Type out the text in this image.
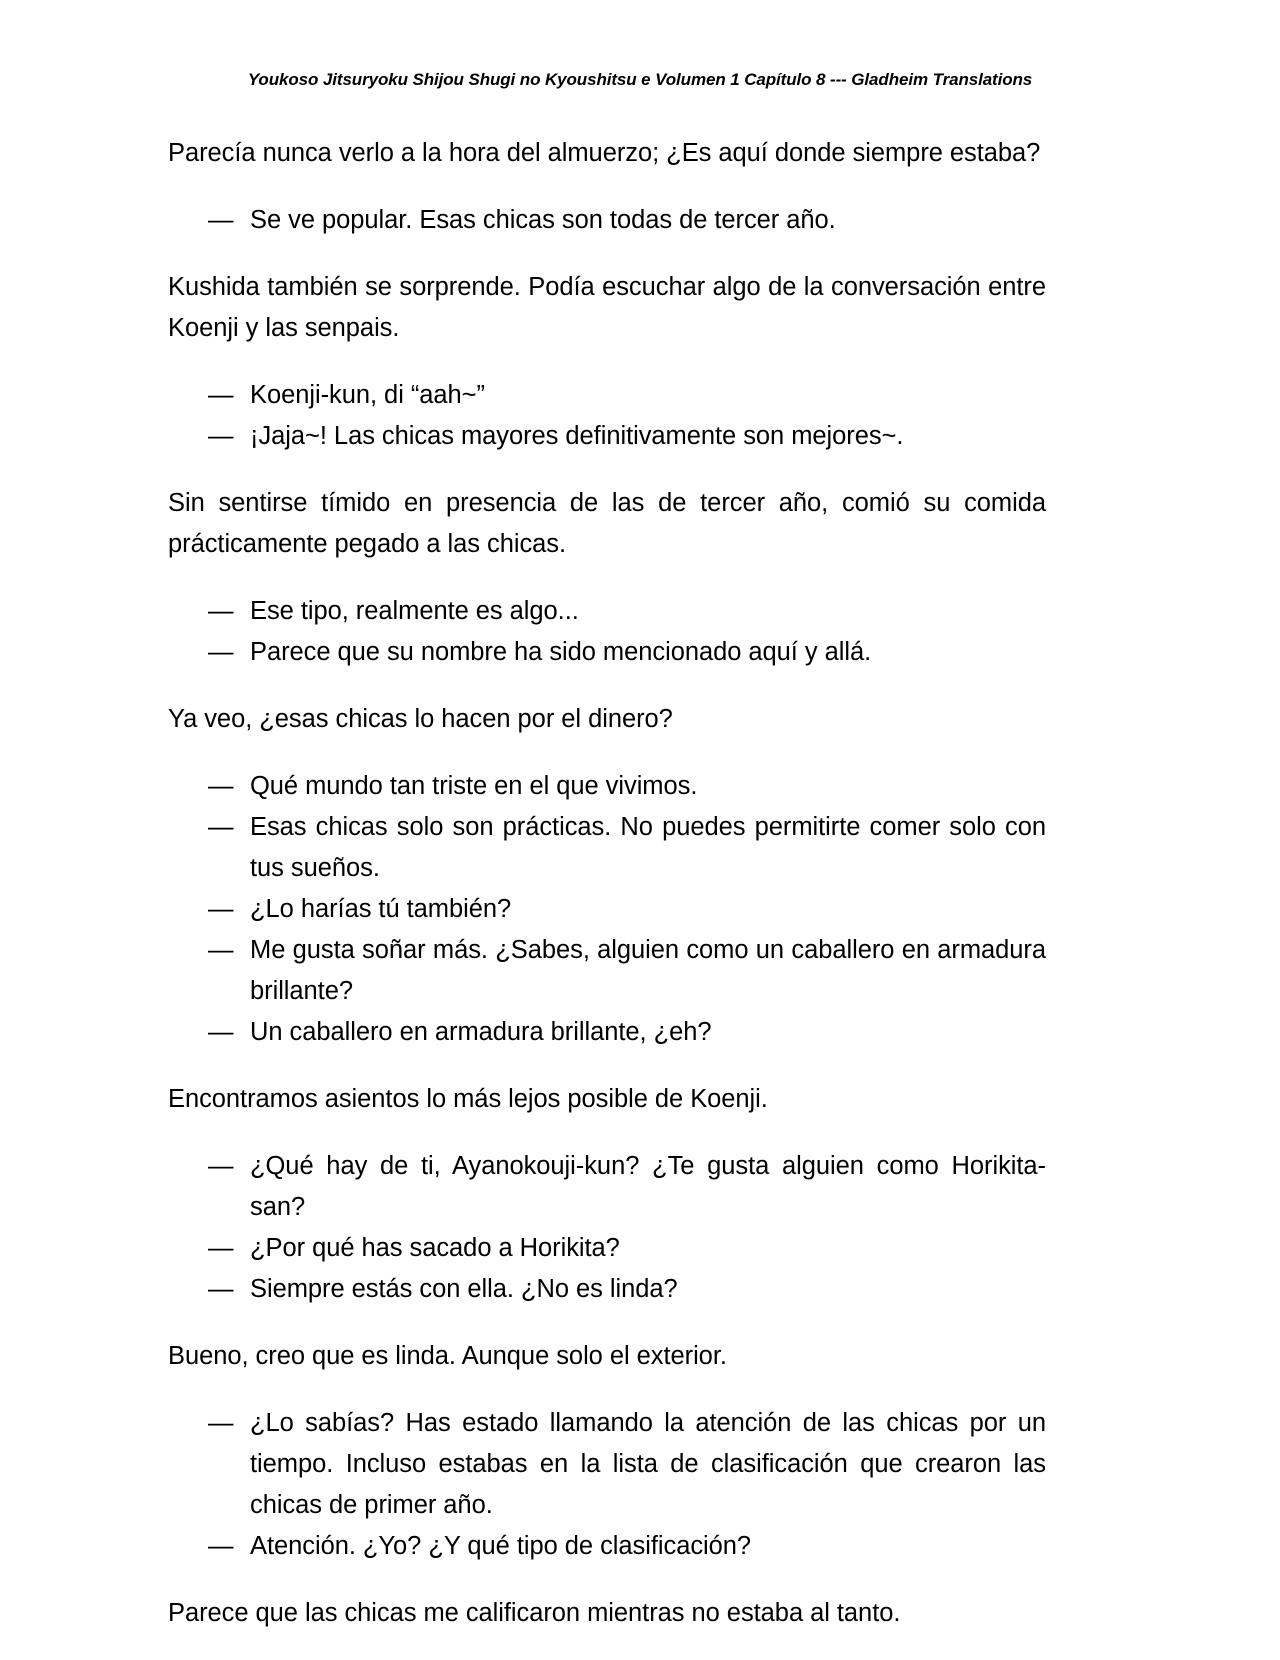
Youkoso Jitsuryoku Shijou Shugi no Kyoushitsu e Volumen 1 Capítulo 8 --- Gladheim Translations

Parecía nunca verlo a la hora del almuerzo; ¿Es aquí donde siempre estaba?

— Se ve popular. Esas chicas son todas de tercer año.

Kushida también se sorprende. Podía escuchar algo de la conversación entre Koenji y las senpais.

— Koenji-kun, di “aah~”

— ¡Jaja~! Las chicas mayores definitivamente son mejores~.

Sin sentirse tímido en presencia de las de tercer año, comió su comida prácticamente pegado a las chicas.

— Ese tipo, realmente es algo...

— Parece que su nombre ha sido mencionado aquí y allá.

Ya veo, ¿esas chicas lo hacen por el dinero?

— Qué mundo tan triste en el que vivimos.

— Esas chicas solo son prácticas. No puedes permitirte comer solo con tus sueños.

— ¿Lo harías tú también?

— Me gusta soñar más. ¿Sabes, alguien como un caballero en armadura brillante?

— Un caballero en armadura brillante, ¿eh?

Encontramos asientos lo más lejos posible de Koenji.

— ¿Qué hay de ti, Ayanokouji-kun? ¿Te gusta alguien como Horikita-san?

— ¿Por qué has sacado a Horikita?

— Siempre estás con ella. ¿No es linda?

Bueno, creo que es linda. Aunque solo el exterior.

— ¿Lo sabías? Has estado llamando la atención de las chicas por un tiempo. Incluso estabas en la lista de clasificación que crearon las chicas de primer año.

— Atención. ¿Yo? ¿Y qué tipo de clasificación?

Parece que las chicas me calificaron mientras no estaba al tanto.
